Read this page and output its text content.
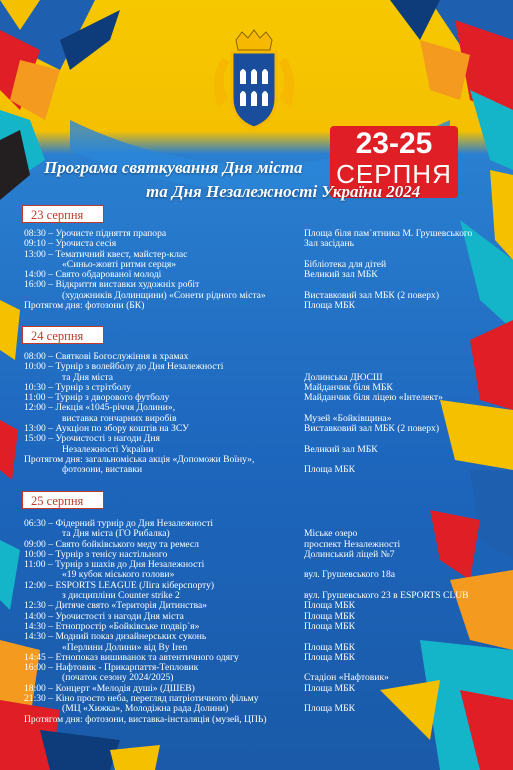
23-25
СЕРПНЯ
Програма святкування Дня міста
та Дня Незалежності України 2024
23 серпня
08:30 – Урочисте підняття прапора	Площа біля пам`ятника М. Грушевського
09:10 – Урочиста сесія	Зал засідань
13:00 – Тематичний квест, майстер-клас
«Синьо-жовті ритми серця»	Бібліотека для дітей
14:00 – Свято обдарованої молоді	Великий зал МБК
16:00 – Відкриття виставки художніх робіт
(художників Долинщини) «Сонети рідного міста»	Виставковий зал МБК (2 поверх)
Протягом дня: фотозони (БК)	Площа МБК
24 серпня
08:00 – Святкові Богослужіння в храмах
10:00 – Турнір з волейболу до Дня Незалежності
та Дня міста	Долинська ДЮСШ
10:30 – Турнір з стрітболу	Майданчик біля МБК
11:00 – Турнір з дворового футболу	Майданчик біля ліцею «Інтелект»
12:00 – Лекція «1045-річчя Долини»,
виставка гончарних виробів	Музей «Бойківщина»
13:00 – Аукціон по збору коштів на ЗСУ	Виставковий зал МБК (2 поверх)
15:00 – Урочистості з нагоди Дня
Незалежності України	Великий зал МБК
Протягом дня: загальноміська акція «Допоможи Воїну»,
фотозони, виставки	Площа МБК
25 серпня
06:30 – Фідерний турнір до Дня Незалежності
та Дня міста (ГО Рибалка)	Міське озеро
09:00 – Свято бойківського меду та ремесл	проспект Незалежності
10:00 – Турнір з тенісу настільного	Долинський ліцей №7
11:00 – Турнір з шахів до Дня Незалежності
«19 кубок міського голови»	вул. Грушевського 18а
12:00 – ESPORTS LEAGUE (Ліга кіберспорту)
з дисципліни Counter strike 2	вул. Грушевського 23 в ESPORTS CLUB
12:30 – Дитяче свято «Територія Дитинства»	Площа МБК
14:00 – Урочистості з нагоди Дня міста	Площа МБК
14:30 – Етнопростір «Бойківське подвір`я»	Площа МБК
14:30 – Модний показ дизайнерських суконь
«Перлини Долини» від By Iren	Площа МБК
14:45 – Етнопоказ вишиванок та автентичного одягу	Площа МБК
16:00 – Нафтовик - Прикарпаття-Тепловик
(початок сезону 2024/2025)	Стадіон «Нафтовик»
18:00 – Концерт «Мелодія душі» (ДШЕВ)	Площа МБК
21:30 – Кіно просто неба, перегляд патріотичного фільму
(МЦ «Хижка», Молодіжна рада Долини)	Площа МБК
Протягом дня: фотозони, виставка-інсталяція (музей, ЦПЬ)
